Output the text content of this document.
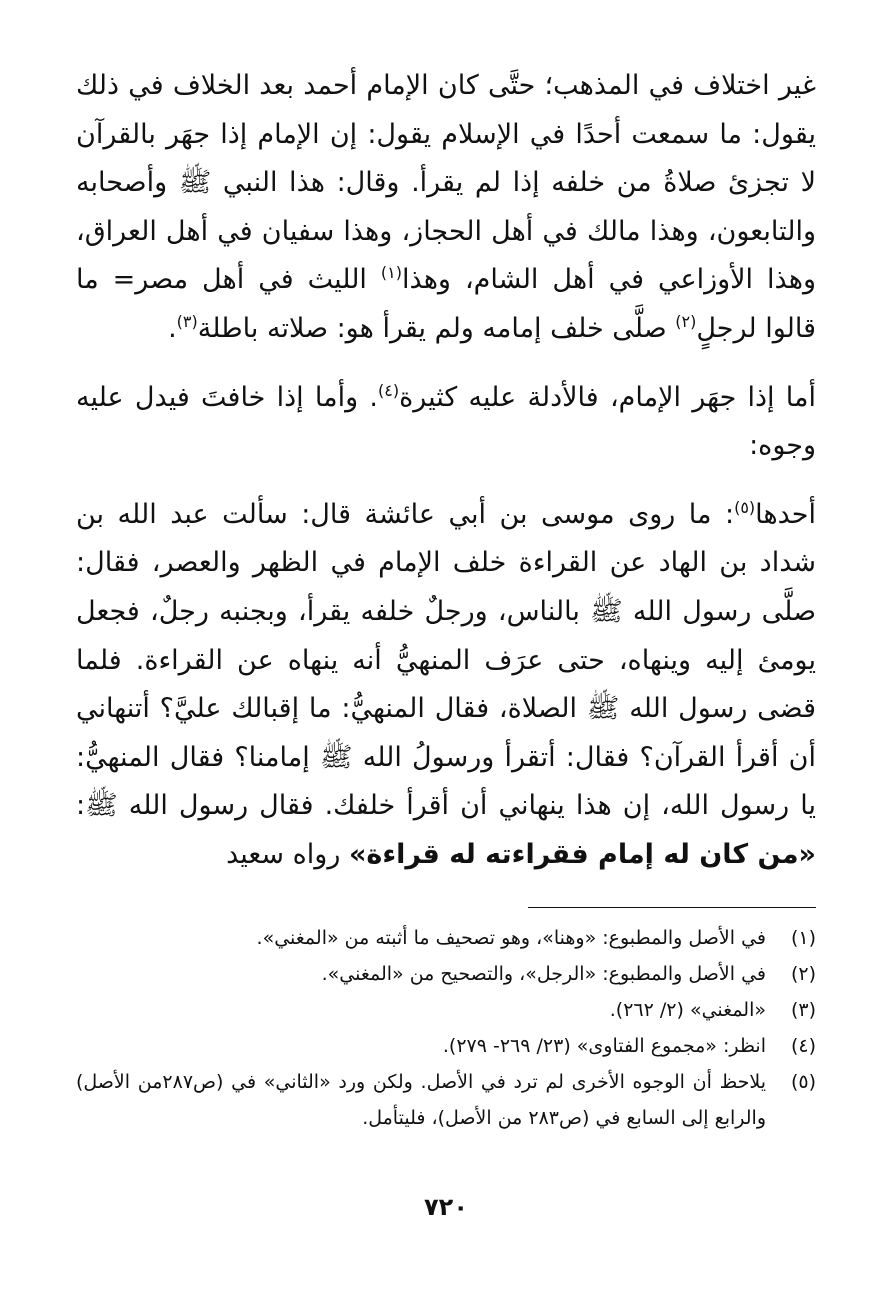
غير اختلاف في المذهب؛ حتَّى كان الإمام أحمد بعد الخلاف في ذلك يقول: ما سمعت أحدًا في الإسلام يقول: إن الإمام إذا جهَر بالقرآن لا تجزئ صلاةُ من خلفه إذا لم يقرأ. وقال: هذا النبي ﷺ وأصحابه والتابعون، وهذا مالك في أهل الحجاز، وهذا سفيان في أهل العراق، وهذا الأوزاعي في أهل الشام، وهذا$^{(١)}$ الليث في أهل مصر= ما قالوا لرجلٍ$^{(٢)}$ صلَّى خلف إمامه ولم يقرأ هو: صلاته باطلة$^{(٣)}$.

أما إذا جهَر الإمام، فالأدلة عليه كثيرة$^{(٤)}$. وأما إذا خافتَ فيدل عليه وجوه:

أحدها$^{(٥)}$: ما روى موسى بن أبي عائشة قال: سألت عبد الله بن شداد بن الهاد عن القراءة خلف الإمام في الظهر والعصر، فقال: صلَّى رسول الله ﷺ بالناس، ورجلٌ خلفه يقرأ، وبجنبه رجلٌ، فجعل يومئ إليه وينهاه، حتى عرَف المنهيُّ أنه ينهاه عن القراءة. فلما قضى رسول الله ﷺ الصلاة، فقال المنهيُّ: ما إقبالك عليَّ؟ أتنهاني أن أقرأ القرآن؟ فقال: أتقرأ ورسولُ الله ﷺ إمامنا؟ فقال المنهيُّ: يا رسول الله، إن هذا ينهاني أن أقرأ خلفك. فقال رسول الله ﷺ: «من كان له إمام فقراءته له قراءة» رواه سعيد

(١)
في الأصل والمطبوع: «وهنا»، وهو تصحيف ما أثبته من «المغني».
(٢)
في الأصل والمطبوع: «الرجل»، والتصحيح من «المغني».
(٣)
«المغني» (٢/ ٢٦٢).
(٤)
انظر: «مجموع الفتاوى» (٢٣/ ٢٦٩- ٢٧٩).
(٥)
يلاحظ أن الوجوه الأخرى لم ترد في الأصل. ولكن ورد «الثاني» في (ص٢٨٧من الأصل) والرابع إلى السابع في (ص٢٨٣ من الأصل)، فليتأمل.
٧٢٠
